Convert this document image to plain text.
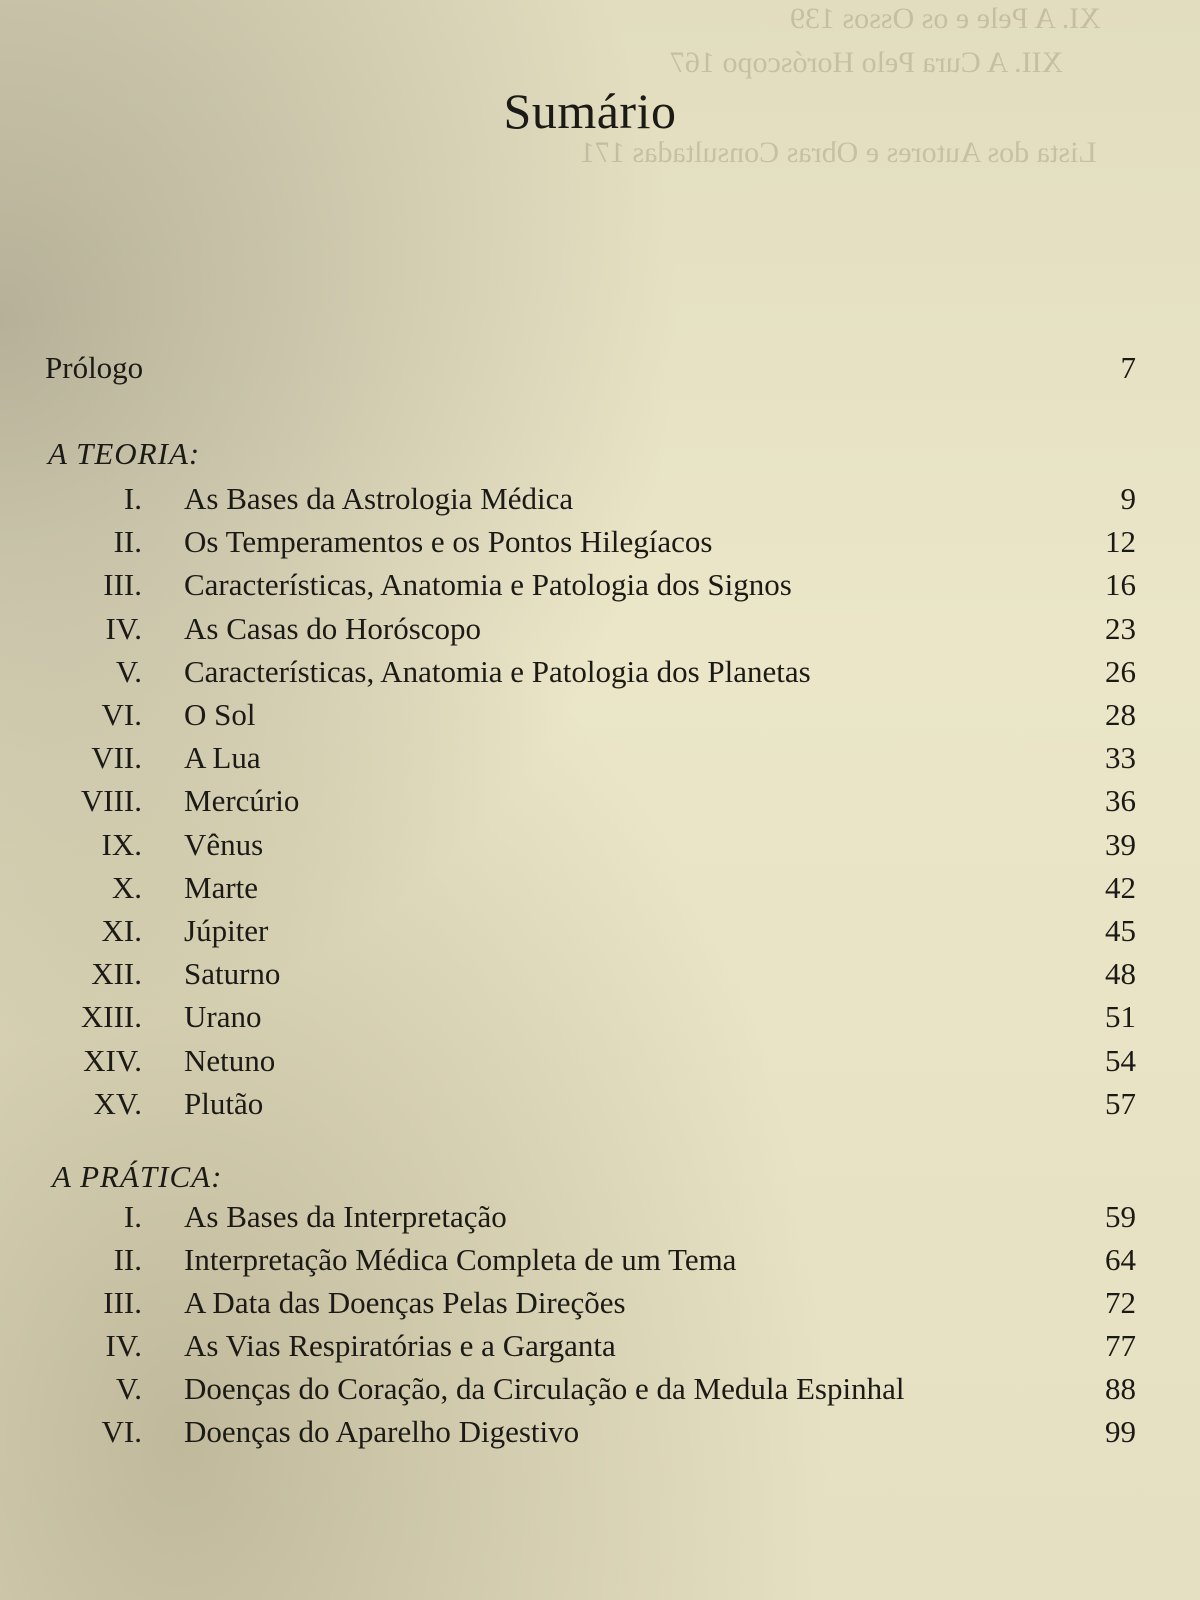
XI. A Pele e os Ossos 139
XII. A Cura Pelo Horóscopo 167
Lista dos Autores e Obras Consultadas 171
Sumário
Prólogo	7
A TEORIA:
I. As Bases da Astrologia Médica	9
II. Os Temperamentos e os Pontos Hilegíacos	12
III. Características, Anatomia e Patologia dos Signos	16
IV. As Casas do Horóscopo	23
V. Características, Anatomia e Patologia dos Planetas	26
VI. O Sol	28
VII. A Lua	33
VIII. Mercúrio	36
IX. Vênus	39
X. Marte	42
XI. Júpiter	45
XII. Saturno	48
XIII. Urano	51
XIV. Netuno	54
XV. Plutão	57
A PRÁTICA:
I. As Bases da Interpretação	59
II. Interpretação Médica Completa de um Tema	64
III. A Data das Doenças Pelas Direções	72
IV. As Vias Respiratórias e a Garganta	77
V. Doenças do Coração, da Circulação e da Medula Espinhal	88
VI. Doenças do Aparelho Digestivo	99
